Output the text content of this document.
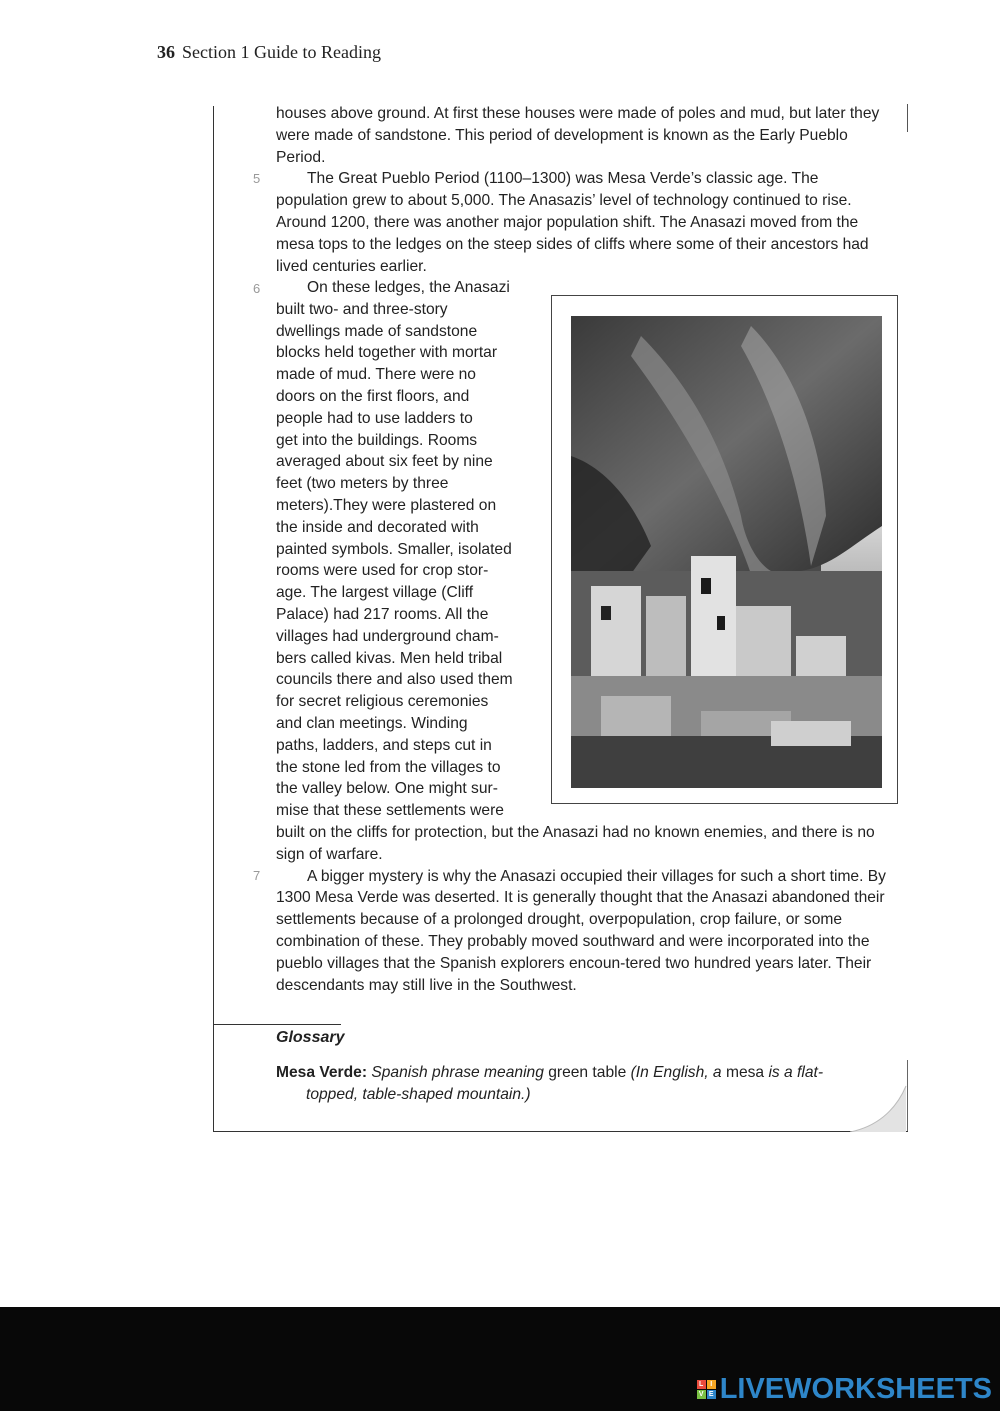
36 Section 1 Guide to Reading
5
6
7

houses above ground. At first these houses were made of poles and mud, but later they were made of sandstone. This period of development is known as the Early Pueblo Period.

The Great Pueblo Period (1100–1300) was Mesa Verde’s classic age. The population grew to about 5,000. The Anasazis’ level of technology continued to rise. Around 1200, there was another major population shift. The Anasazi moved from the mesa tops to the ledges on the steep sides of cliffs where some of their ancestors had lived centuries earlier.

On these ledges, the Anasazi
built two- and three-story
dwellings made of sandstone
blocks held together with mortar
made of mud. There were no
doors on the first floors, and
people had to use ladders to
get into the buildings. Rooms
averaged about six feet by nine
feet (two meters by three
meters).They were plastered on
the inside and decorated with
painted symbols. Smaller, isolated
rooms were used for crop stor-
age. The largest village (Cliff
Palace) had 217 rooms. All the
villages had underground cham-
bers called kivas. Men held tribal
councils there and also used them
for secret religious ceremonies
and clan meetings. Winding
paths, ladders, and steps cut in
the stone led from the villages to
the valley below. One might sur-
mise that these settlements were

built on the cliffs for protection, but the Anasazi had no known enemies, and there is no sign of warfare.

A bigger mystery is why the Anasazi occupied their villages for such a short time. By 1300 Mesa Verde was deserted. It is generally thought that the Anasazi abandoned their settlements because of a prolonged drought, overpopulation, crop failure, or some combination of these. They probably moved southward and were incorporated into the pueblo villages that the Spanish explorers encoun-tered two hundred years later. Their descendants may still live in the Southwest.

Glossary
Mesa Verde: Spanish phrase meaning green table (In English, a mesa is a flat-topped, table-shaped mountain.)
L I
V E LIVEWORKSHEETS
